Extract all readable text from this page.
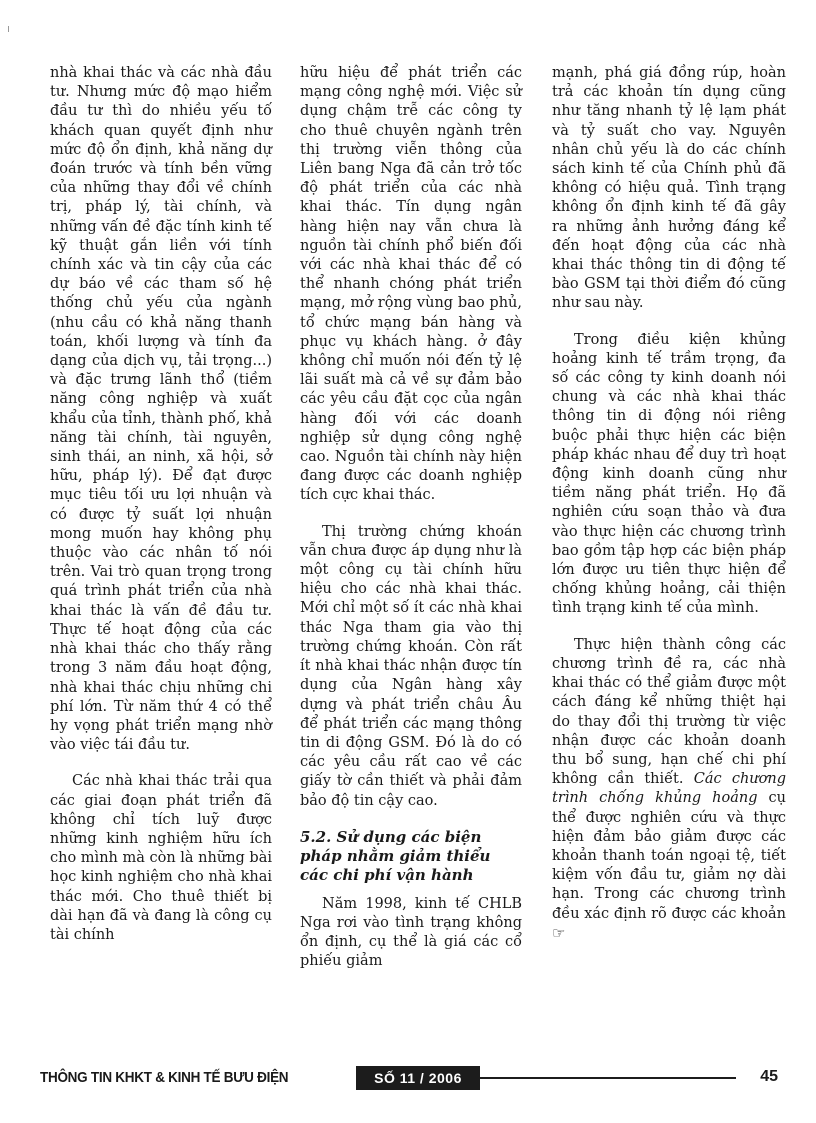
nhà khai thác và các nhà đầu tư. Nhưng mức độ mạo hiểm đầu tư thì do nhiều yếu tố khách quan quyết định như mức độ ổn định, khả năng dự đoán trước và tính bền vững của những thay đổi về chính trị, pháp lý, tài chính, và những vấn đề đặc tính kinh tế kỹ thuật gắn liền với tính chính xác và tin cậy của các dự báo về các tham số hệ thống chủ yếu của ngành (nhu cầu có khả năng thanh toán, khối lượng và tính đa dạng của dịch vụ, tải trọng...) và đặc trưng lãnh thổ (tiềm năng công nghiệp và xuất khẩu của tỉnh, thành phố, khả năng tài chính, tài nguyên, sinh thái, an ninh, xã hội, sở hữu, pháp lý). Để đạt được mục tiêu tối ưu lợi nhuận và có được tỷ suất lợi nhuận mong muốn hay không phụ thuộc vào các nhân tố nói trên. Vai trò quan trọng trong quá trình phát triển của nhà khai thác là vấn đề đầu tư. Thực tế hoạt động của các nhà khai thác cho thấy rằng trong 3 năm đầu hoạt động, nhà khai thác chịu những chi phí lớn. Từ năm thứ 4 có thể hy vọng phát triển mạng nhờ vào việc tái đầu tư.

Các nhà khai thác trải qua các giai đoạn phát triển đã không chỉ tích luỹ được những kinh nghiệm hữu ích cho mình mà còn là những bài học kinh nghiệm cho nhà khai thác mới. Cho thuê thiết bị dài hạn đã và đang là công cụ tài chính

hữu hiệu để phát triển các mạng công nghệ mới. Việc sử dụng chậm trễ các công ty cho thuê chuyên ngành trên thị trường viễn thông của Liên bang Nga đã cản trở tốc độ phát triển của các nhà khai thác. Tín dụng ngân hàng hiện nay vẫn chưa là nguồn tài chính phổ biến đối với các nhà khai thác để có thể nhanh chóng phát triển mạng, mở rộng vùng bao phủ, tổ chức mạng bán hàng và phục vụ khách hàng. ở đây không chỉ muốn nói đến tỷ lệ lãi suất mà cả về sự đảm bảo các yêu cầu đặt cọc của ngân hàng đối với các doanh nghiệp sử dụng công nghệ cao. Nguồn tài chính này hiện đang được các doanh nghiệp tích cực khai thác.

Thị trường chứng khoán vẫn chưa được áp dụng như là một công cụ tài chính hữu hiệu cho các nhà khai thác. Mới chỉ một số ít các nhà khai thác Nga tham gia vào thị trường chứng khoán. Còn rất ít nhà khai thác nhận được tín dụng của Ngân hàng xây dựng và phát triển châu Âu để phát triển các mạng thông tin di động GSM. Đó là do có các yêu cầu rất cao về các giấy tờ cần thiết và phải đảm bảo độ tin cậy cao.

5.2. Sử dụng các biện pháp nhằm giảm thiểu các chi phí vận hành

Năm 1998, kinh tế CHLB Nga rơi vào tình trạng không ổn định, cụ thể là giá các cổ phiếu giảm

mạnh, phá giá đồng rúp, hoàn trả các khoản tín dụng cũng như tăng nhanh tỷ lệ lạm phát và tỷ suất cho vay. Nguyên nhân chủ yếu là do các chính sách kinh tế của Chính phủ đã không có hiệu quả. Tình trạng không ổn định kinh tế đã gây ra những ảnh hưởng đáng kể đến hoạt động của các nhà khai thác thông tin di động tế bào GSM tại thời điểm đó cũng như sau này.

Trong điều kiện khủng hoảng kinh tế trầm trọng, đa số các công ty kinh doanh nói chung và các nhà khai thác thông tin di động nói riêng buộc phải thực hiện các biện pháp khác nhau để duy trì hoạt động kinh doanh cũng như tiềm năng phát triển. Họ đã nghiên cứu soạn thảo và đưa vào thực hiện các chương trình bao gồm tập hợp các biện pháp lớn được ưu tiên thực hiện để chống khủng hoảng, cải thiện tình trạng kinh tế của mình.

Thực hiện thành công các chương trình đề ra, các nhà khai thác có thể giảm được một cách đáng kể những thiệt hại do thay đổi thị trường từ việc nhận được các khoản doanh thu bổ sung, hạn chế chi phí không cần thiết. Các chương trình chống khủng hoảng cụ thể được nghiên cứu và thực hiện đảm bảo giảm được các khoản thanh toán ngoại tệ, tiết kiệm vốn đầu tư, giảm nợ dài hạn. Trong các chương trình đều xác định rõ được các khoản ☞

THÔNG TIN KHKT & KINH TẾ BƯU ĐIỆN	SỐ 11 / 2006	45
